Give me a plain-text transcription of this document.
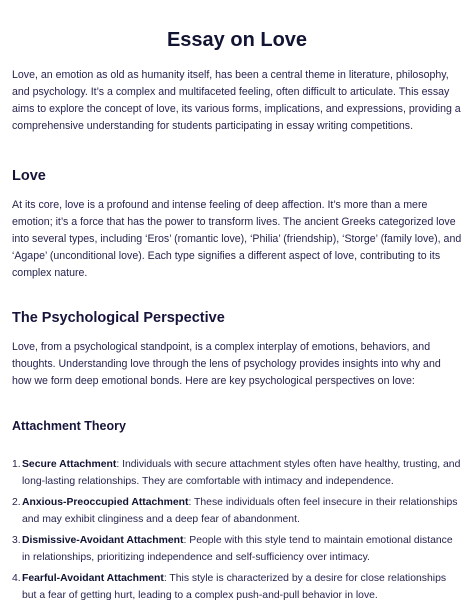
Essay on Love

Love, an emotion as old as humanity itself, has been a central theme in literature, philosophy, and psychology. It’s a complex and multifaceted feeling, often difficult to articulate. This essay aims to explore the concept of love, its various forms, implications, and expressions, providing a comprehensive understanding for students participating in essay writing competitions.

Love

At its core, love is a profound and intense feeling of deep affection. It’s more than a mere emotion; it’s a force that has the power to transform lives. The ancient Greeks categorized love into several types, including ‘Eros’ (romantic love), ‘Philia’ (friendship), ‘Storge’ (family love), and ‘Agape’ (unconditional love). Each type signifies a different aspect of love, contributing to its complex nature.

The Psychological Perspective

Love, from a psychological standpoint, is a complex interplay of emotions, behaviors, and thoughts. Understanding love through the lens of psychology provides insights into why and how we form deep emotional bonds. Here are key psychological perspectives on love:

Attachment Theory
1. Secure Attachment: Individuals with secure attachment styles often have healthy, trusting, and long-lasting relationships. They are comfortable with intimacy and independence.
2. Anxious-Preoccupied Attachment: These individuals often feel insecure in their relationships and may exhibit clinginess and a deep fear of abandonment.
3. Dismissive-Avoidant Attachment: People with this style tend to maintain emotional distance in relationships, prioritizing independence and self-sufficiency over intimacy.
4. Fearful-Avoidant Attachment: This style is characterized by a desire for close relationships but a fear of getting hurt, leading to a complex push-and-pull behavior in love.
